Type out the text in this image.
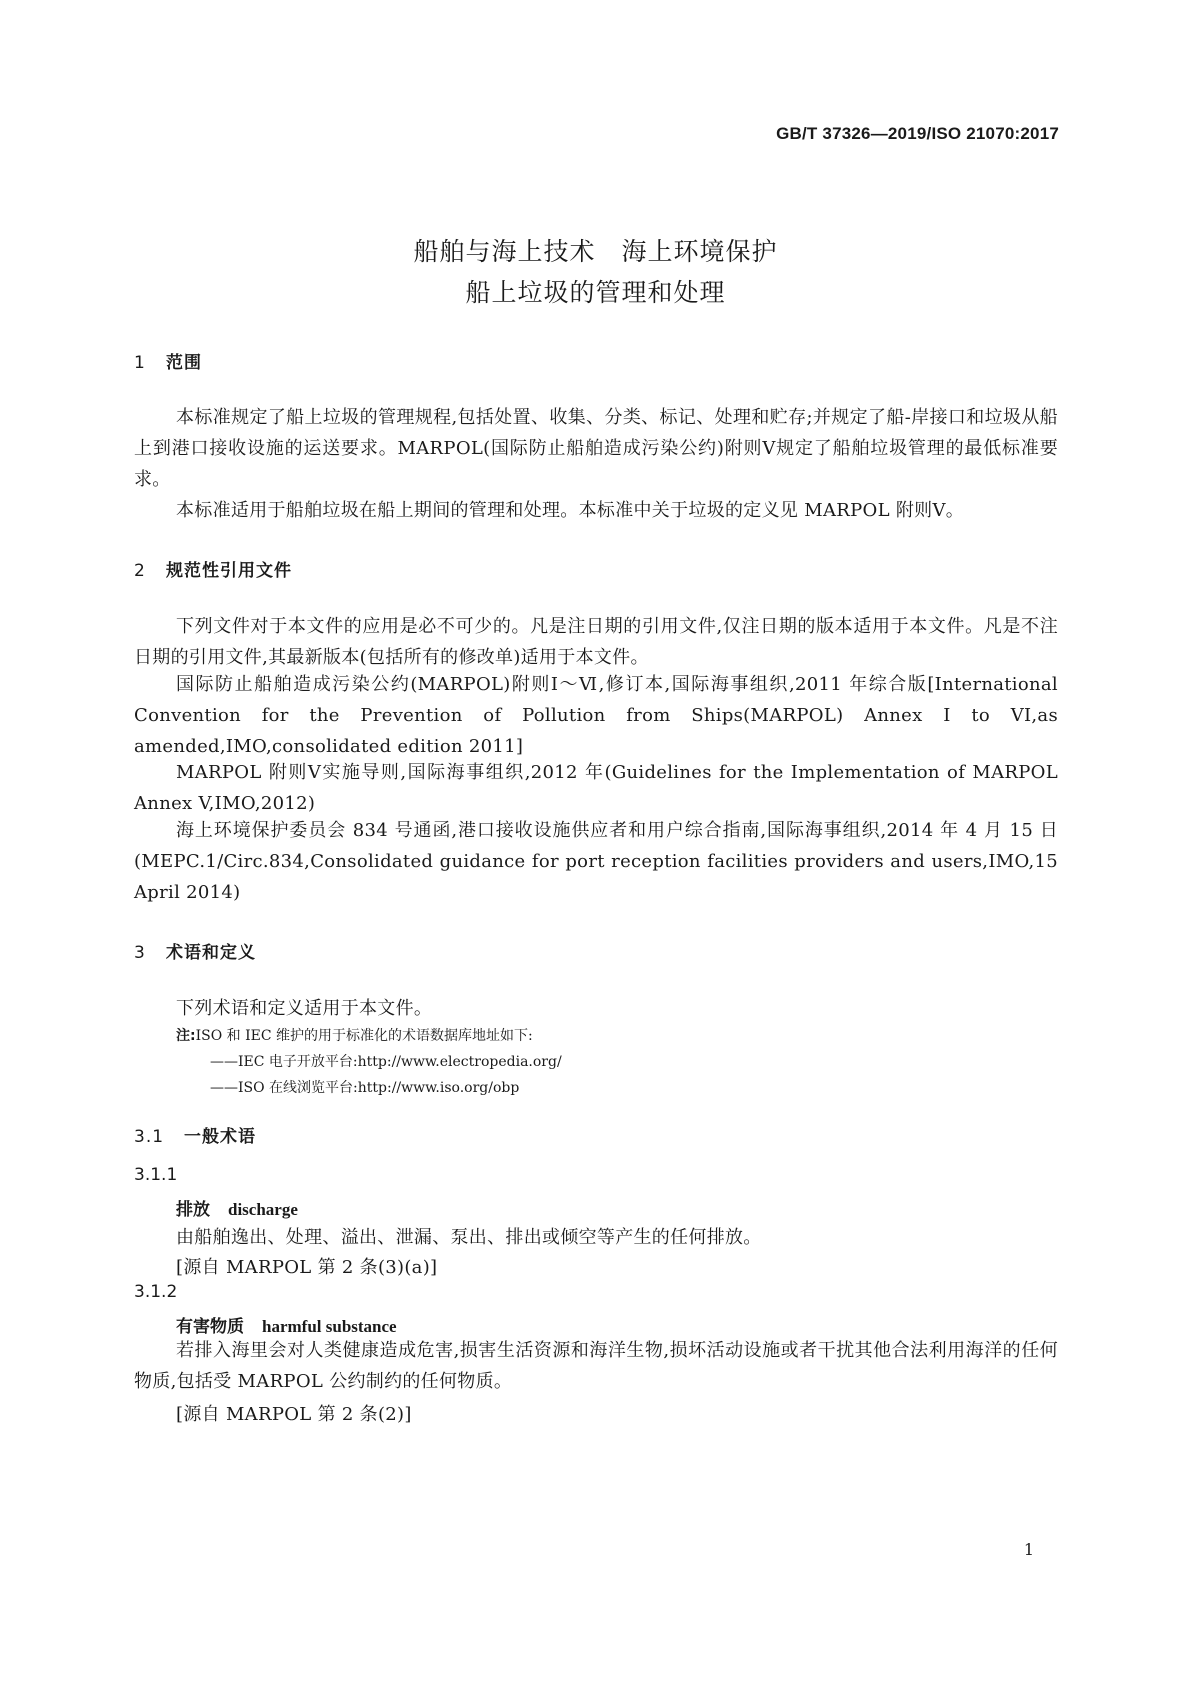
GB/T 37326—2019/ISO 21070:2017
船舶与海上技术　海上环境保护
船上垃圾的管理和处理
1 范围
本标准规定了船上垃圾的管理规程,包括处置、收集、分类、标记、处理和贮存;并规定了船-岸接口和垃圾从船上到港口接收设施的运送要求。MARPOL(国际防止船舶造成污染公约)附则Ⅴ规定了船舶垃圾管理的最低标准要求。
本标准适用于船舶垃圾在船上期间的管理和处理。本标准中关于垃圾的定义见 MARPOL 附则Ⅴ。
2 规范性引用文件
下列文件对于本文件的应用是必不可少的。凡是注日期的引用文件,仅注日期的版本适用于本文件。凡是不注日期的引用文件,其最新版本(包括所有的修改单)适用于本文件。
国际防止船舶造成污染公约(MARPOL)附则Ⅰ～Ⅵ,修订本,国际海事组织,2011 年综合版[International Convention for the Prevention of Pollution from Ships(MARPOL) Annex I to VI,as amended,IMO,consolidated edition 2011]
MARPOL 附则Ⅴ实施导则,国际海事组织,2012 年(Guidelines for the Implementation of MARPOL Annex V,IMO,2012)
海上环境保护委员会 834 号通函,港口接收设施供应者和用户综合指南,国际海事组织,2014 年 4 月 15 日(MEPC.1/Circ.834,Consolidated guidance for port reception facilities providers and users,IMO,15 April 2014)
3 术语和定义
下列术语和定义适用于本文件。
注:ISO 和 IEC 维护的用于标准化的术语数据库地址如下:
——IEC 电子开放平台:http://www.electropedia.org/
——ISO 在线浏览平台:http://www.iso.org/obp
3.1 一般术语
3.1.1
排放 discharge
由船舶逸出、处理、溢出、泄漏、泵出、排出或倾空等产生的任何排放。
[源自 MARPOL 第 2 条(3)(a)]
3.1.2
有害物质 harmful substance
若排入海里会对人类健康造成危害,损害生活资源和海洋生物,损坏活动设施或者干扰其他合法利用海洋的任何物质,包括受 MARPOL 公约制约的任何物质。
[源自 MARPOL 第 2 条(2)]
1
